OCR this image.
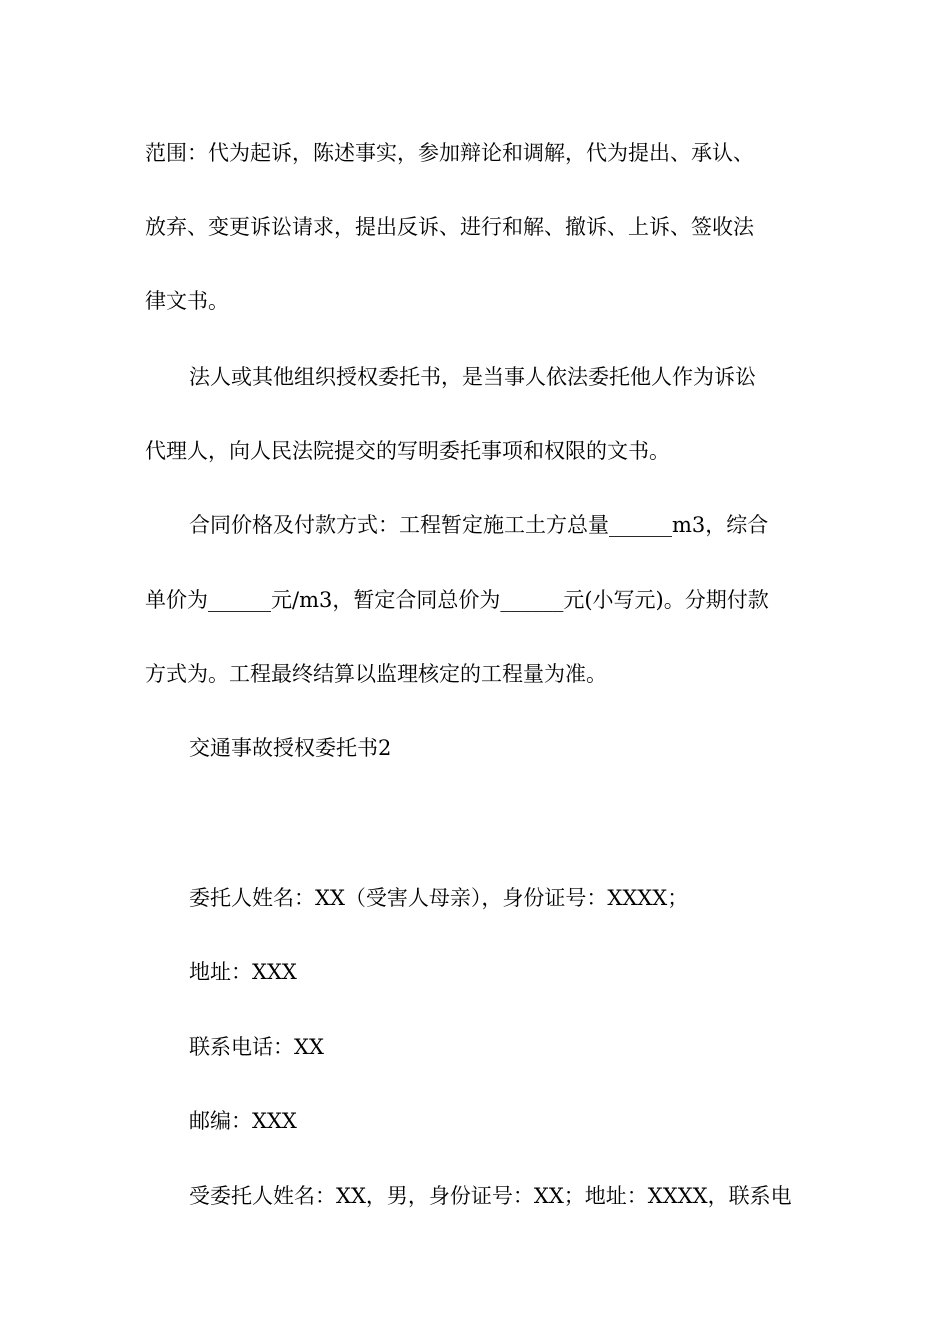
范围：代为起诉，陈述事实，参加辩论和调解，代为提出、承认、
放弃、变更诉讼请求，提出反诉、进行和解、撤诉、上诉、签收法
律文书。
法人或其他组织授权委托书，是当事人依法委托他人作为诉讼
代理人，向人民法院提交的写明委托事项和权限的文书。
合同价格及付款方式：工程暂定施工土方总量______m3，综合
单价为______元/m3，暂定合同总价为______元(小写元)。分期付款
方式为。工程最终结算以监理核定的工程量为准。
交通事故授权委托书2
委托人姓名：XX（受害人母亲），身份证号：XXXX；
地址：XXX
联系电话：XX
邮编：XXX
受委托人姓名：XX，男，身份证号：XX；地址：XXXX，联系电
